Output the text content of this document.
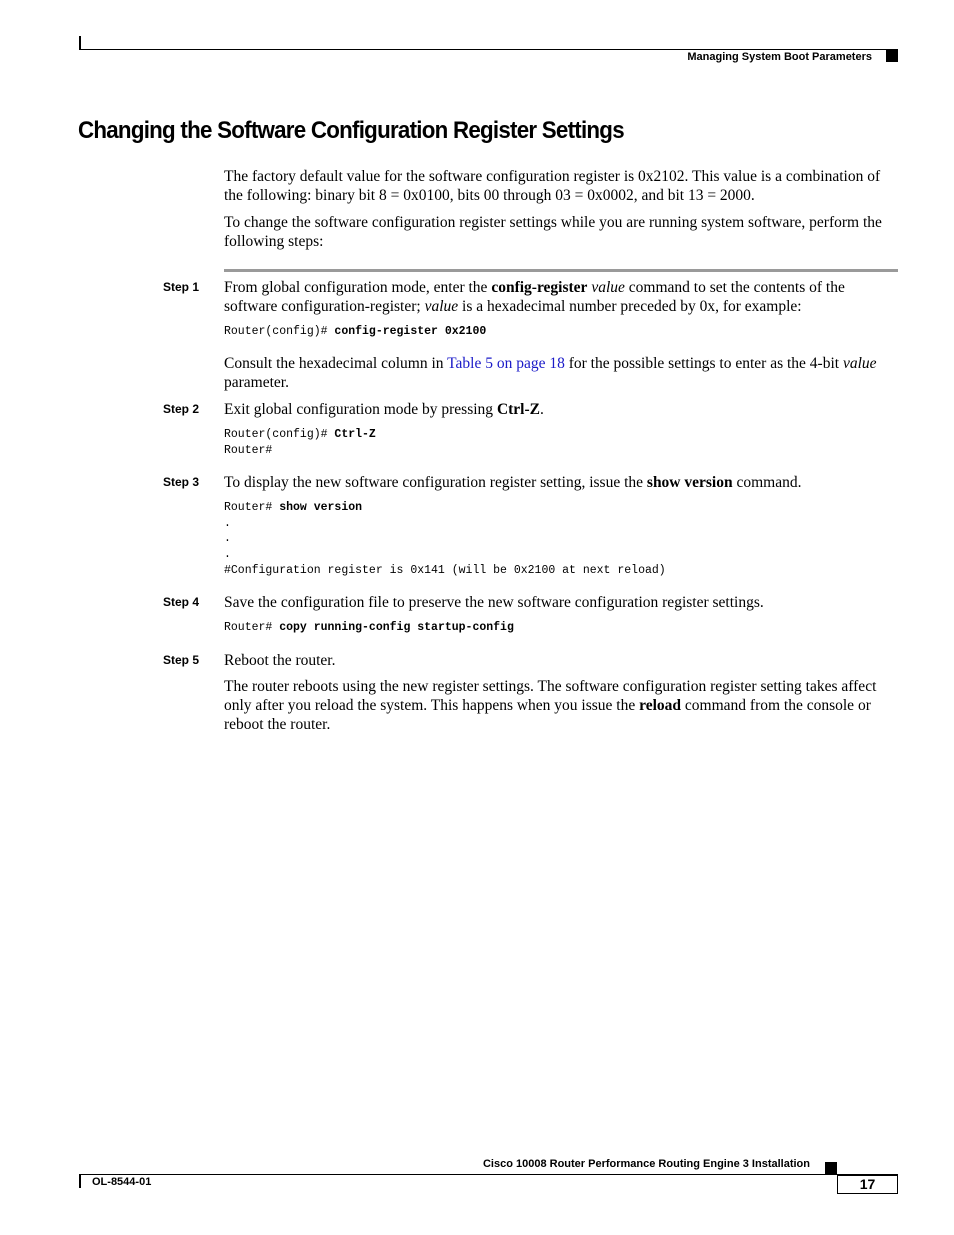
Managing System Boot Parameters
Changing the Software Configuration Register Settings

The factory default value for the software configuration register is 0x2102. This value is a combination of the following: binary bit 8 = 0x0100, bits 00 through 03 = 0x0002, and bit 13 = 2000.

To change the software configuration register settings while you are running system software, perform the following steps:

From global configuration mode, enter the config-register value command to set the contents of the software configuration-register; value is a hexadecimal number preceded by 0x, for example:

Consult the hexadecimal column in Table 5 on page 18 for the possible settings to enter as the 4-bit value parameter.

Exit global configuration mode by pressing Ctrl-Z.

To display the new software configuration register setting, issue the show version command.

Save the configuration file to preserve the new software configuration register settings.

Reboot the router.

The router reboots using the new register settings. The software configuration register setting takes affect only after you reload the system. This happens when you issue the reload command from the console or reboot the router.

Step 1
Step 2
Step 3
Step 4
Step 5
Router(config)# config-register 0x2100
Router(config)# Ctrl-Z
Router#
Router# show version
.
.
.
#Configuration register is 0x141 (will be 0x2100 at next reload)
Router# copy running-config startup-config
Cisco 10008 Router Performance Routing Engine 3 Installation
OL-8544-01	17
